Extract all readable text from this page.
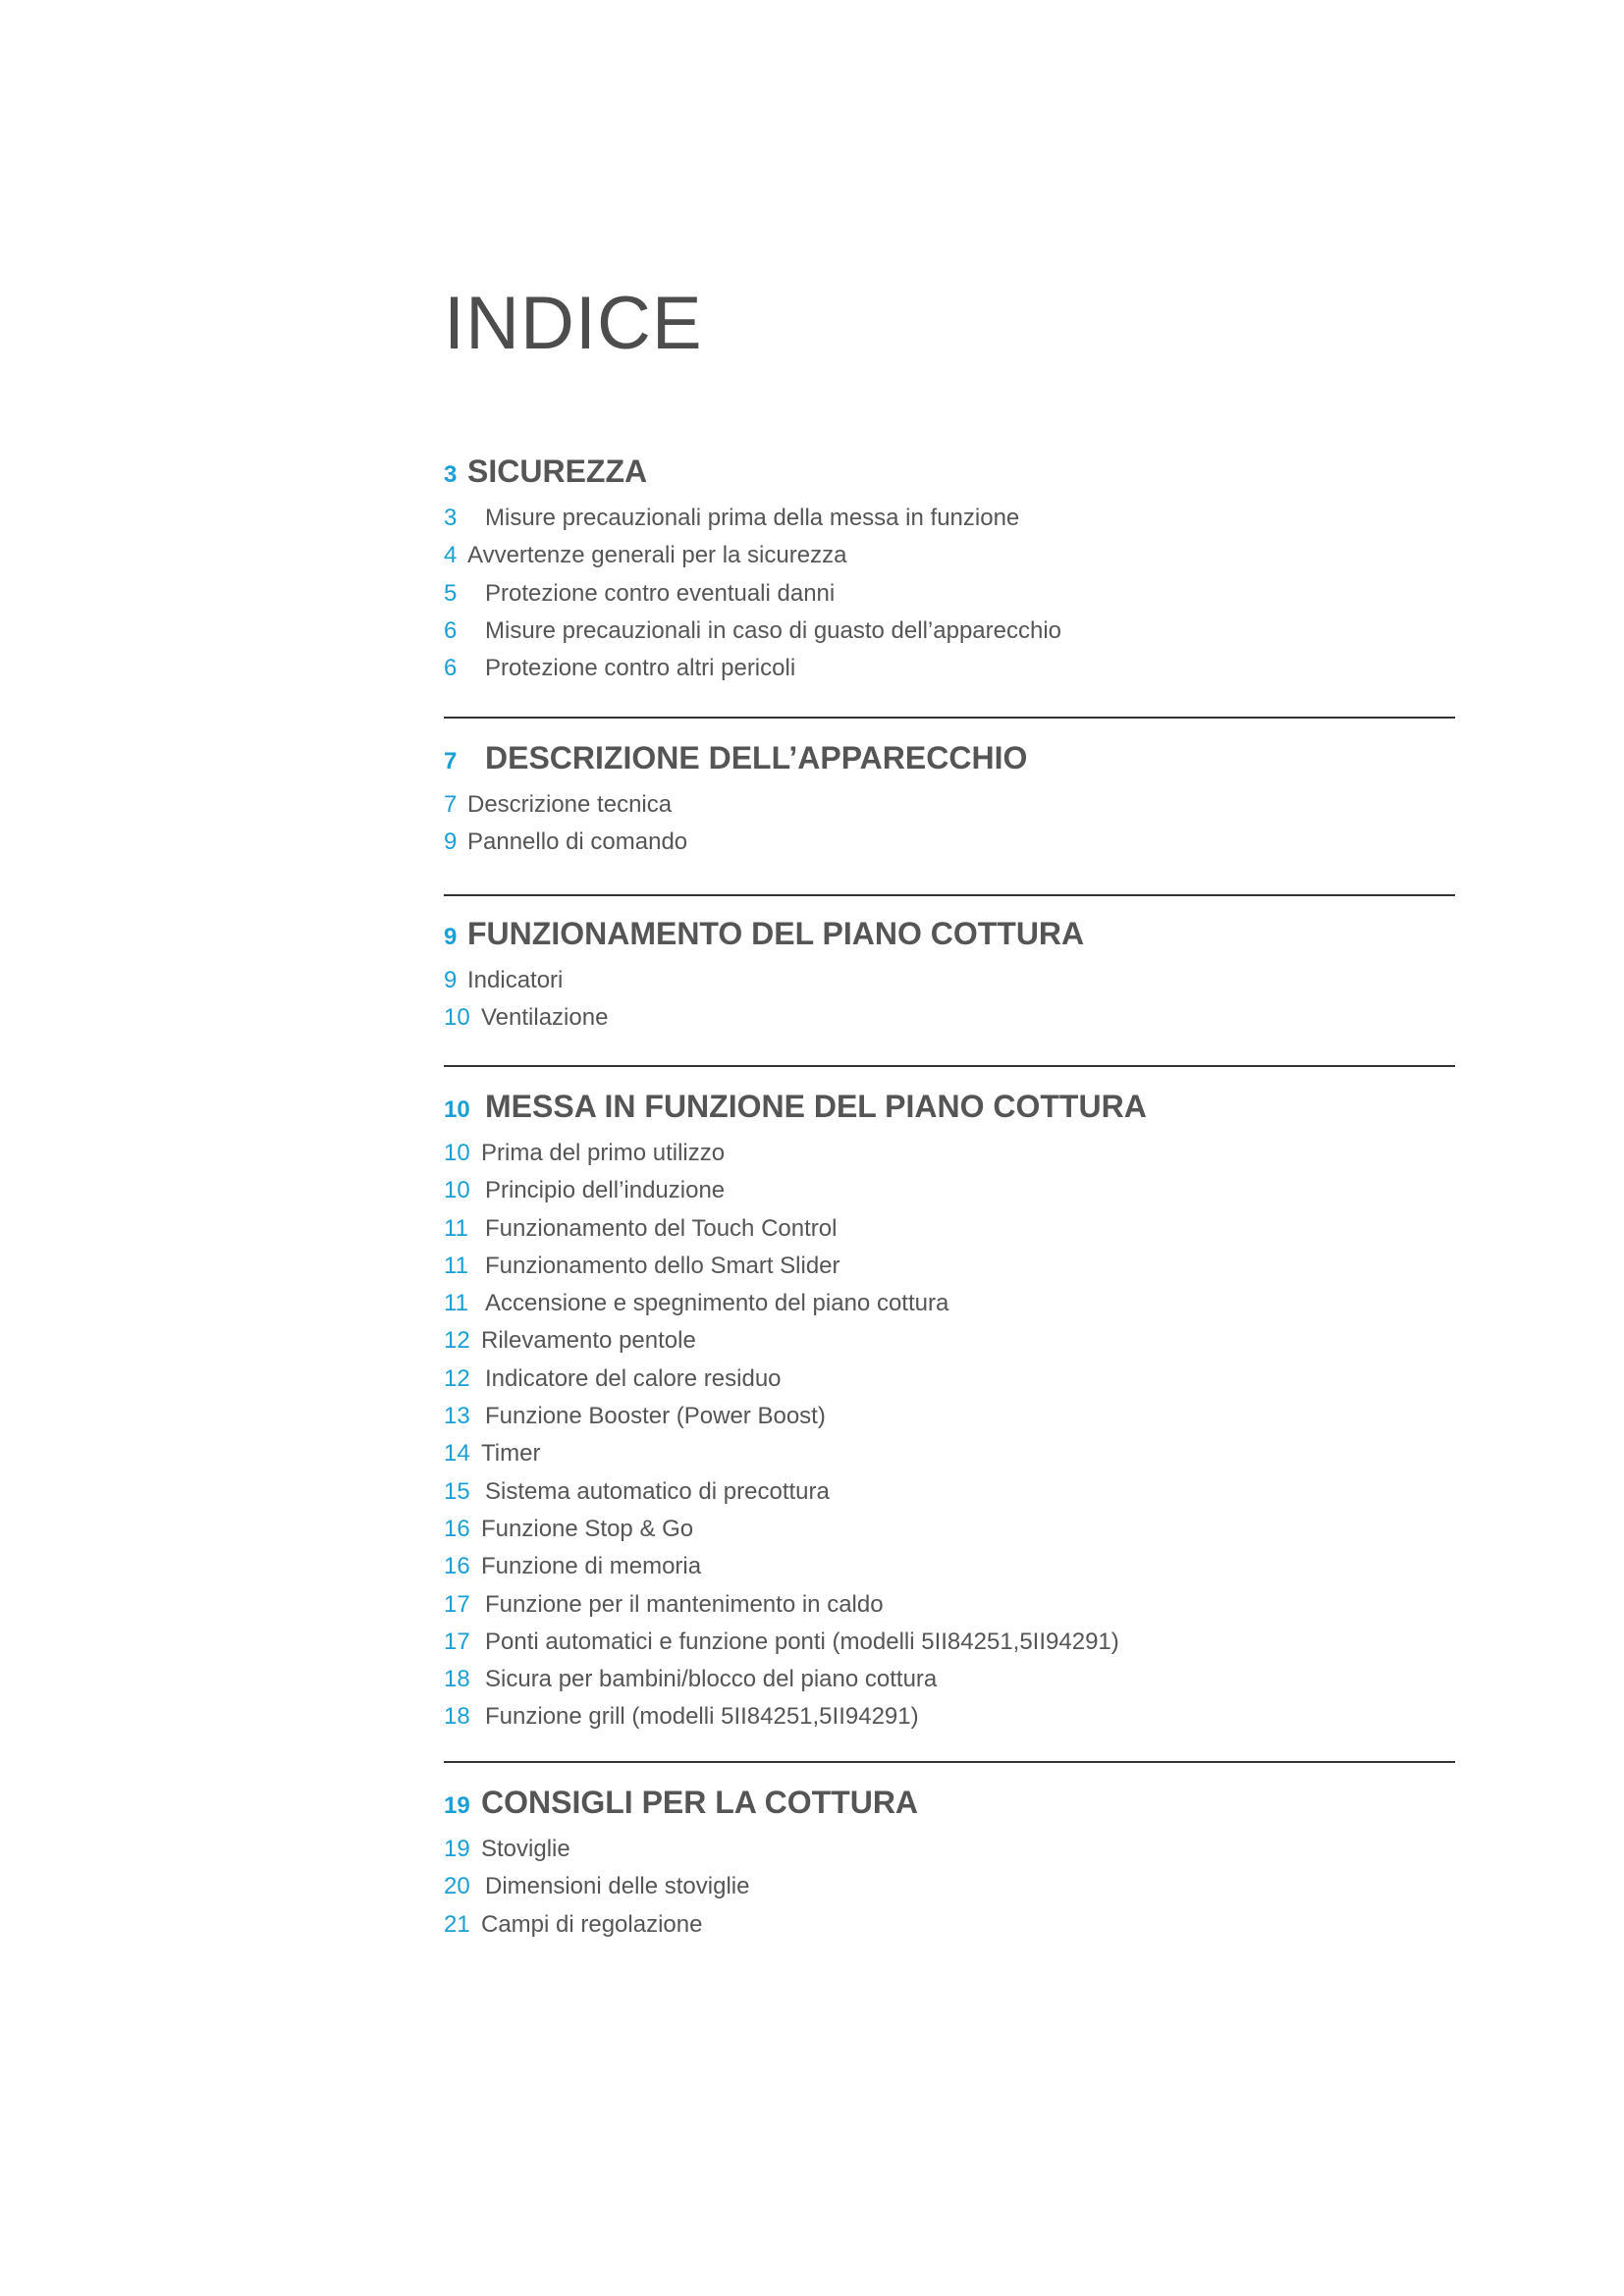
INDICE
3 SICUREZZA
3	Misure precauzionali prima della messa in funzione
4 Avvertenze generali per la sicurezza
5	Protezione contro eventuali danni
6	Misure precauzionali in caso di guasto dell’apparecchio
6	Protezione contro altri pericoli
7 DESCRIZIONE DELL’APPARECCHIO
7 Descrizione tecnica
9 Pannello di comando
9 FUNZIONAMENTO DEL PIANO COTTURA
9 Indicatori
10 Ventilazione
10 MESSA IN FUNZIONE DEL PIANO COTTURA
10 Prima del primo utilizzo
10 Principio dell’induzione
11 Funzionamento del Touch Control
11 Funzionamento dello Smart Slider
11 Accensione e spegnimento del piano cottura
12 Rilevamento pentole
12 Indicatore del calore residuo
13 Funzione Booster (Power Boost)
14 Timer
15 Sistema automatico di precottura
16 Funzione Stop & Go
16 Funzione di memoria
17 Funzione per il mantenimento in caldo
17 Ponti automatici e funzione ponti (modelli 5II84251,5II94291)
18 Sicura per bambini/blocco del piano cottura
18 Funzione grill (modelli 5II84251,5II94291)
19 CONSIGLI PER LA COTTURA
19 Stoviglie
20 Dimensioni delle stoviglie
21 Campi di regolazione
